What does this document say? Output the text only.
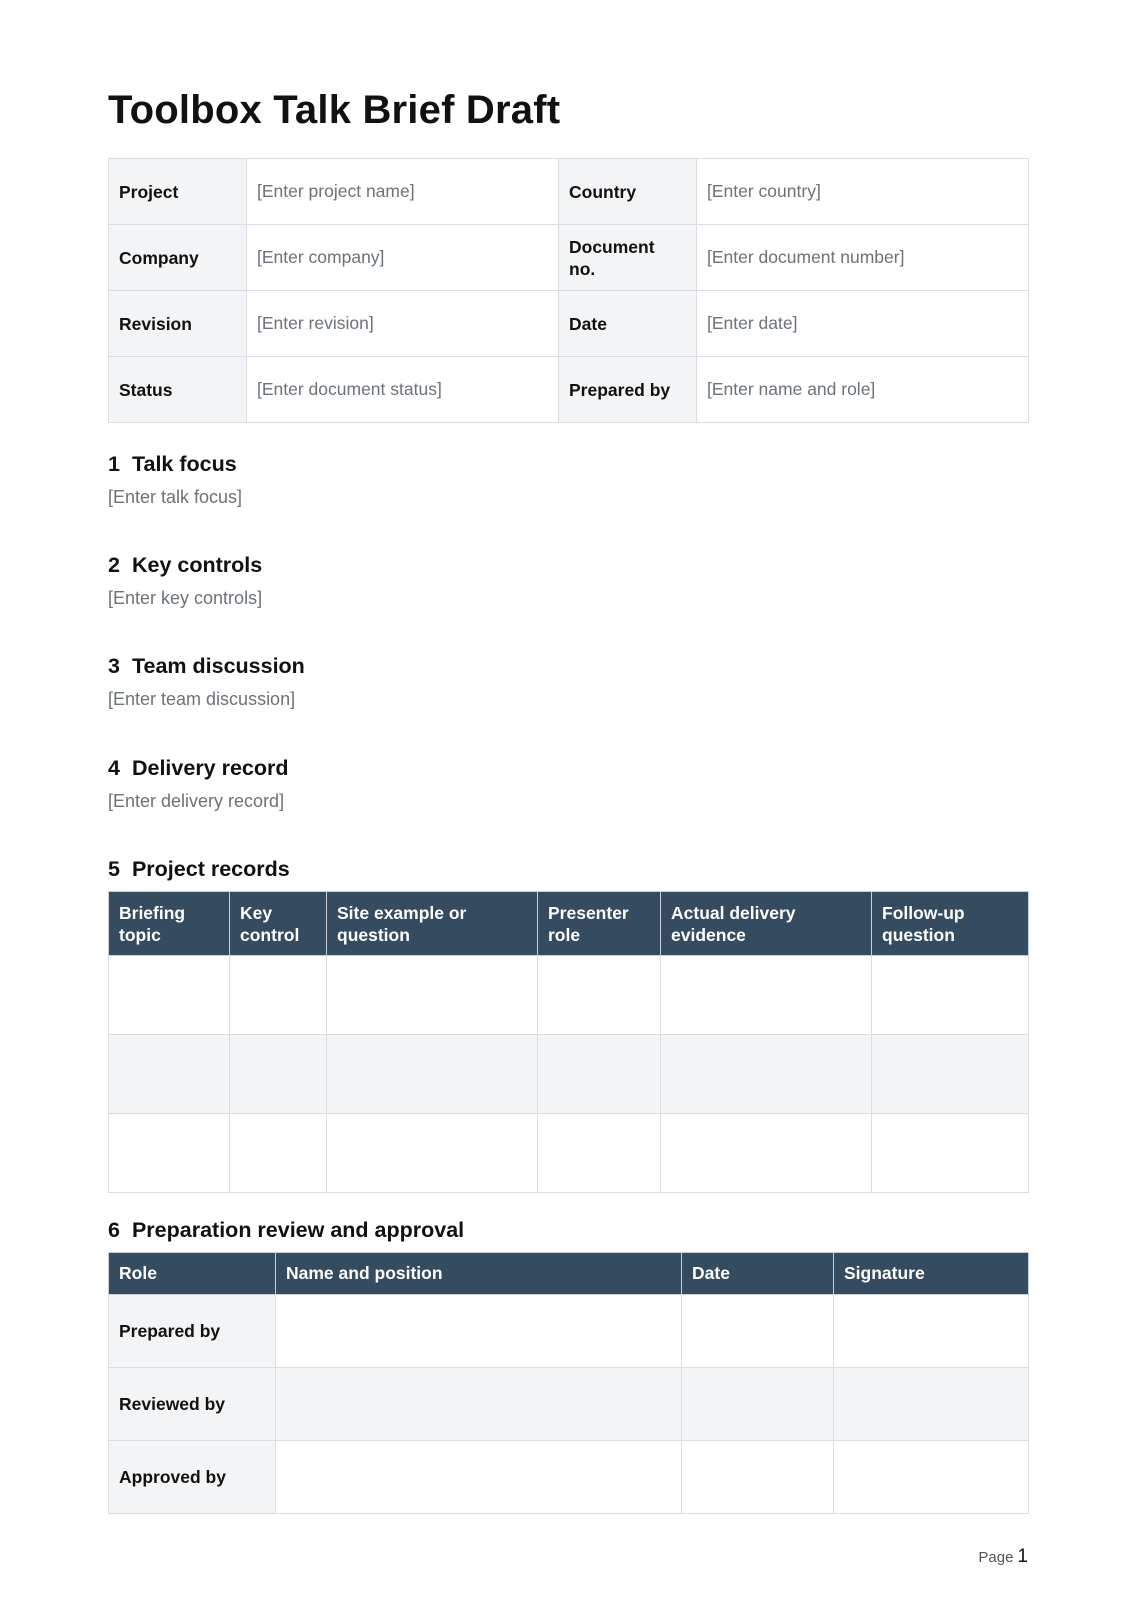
Toolbox Talk Brief Draft
Project	[Enter project name]	Country	[Enter country]
Company	[Enter company]	Document no.	[Enter document number]
Revision	[Enter revision]	Date	[Enter date]
Status	[Enter document status]	Prepared by	[Enter name and role]
1 Talk focus

[Enter talk focus]

2 Key controls

[Enter key controls]

3 Team discussion

[Enter team discussion]

4 Delivery record

[Enter delivery record]

5 Project records
Briefing topic	Key control	Site example or question	Presenter role	Actual delivery evidence	Follow-up question

6 Preparation review and approval
Role	Name and position	Date	Signature
Prepared by			
Reviewed by			
Approved by			
Page 1
